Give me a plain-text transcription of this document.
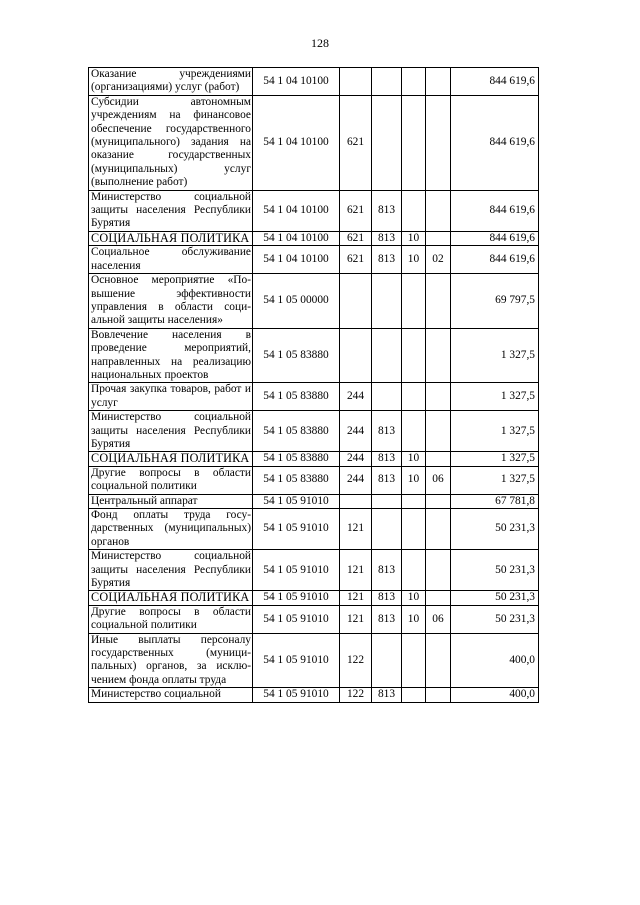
128
Оказание учреждениями (организациями) услуг (работ)	54 1 04 10100					844 619,6
Субсидии автономным учреждениям на финансовое обеспечение государственного (муниципального) задания на оказание государственных (муниципальных) услуг (выполнение работ)	54 1 04 10100	621				844 619,6
Министерство социальной защиты населения Республики Бурятия	54 1 04 10100	621	813			844 619,6
СОЦИАЛЬНАЯ ПОЛИТИКА	54 1 04 10100	621	813	10		844 619,6
Социальное обслуживание населения	54 1 04 10100	621	813	10	02	844 619,6
Основное мероприятие «Повышение эффективности управления в области социальной защиты населения»	54 1 05 00000					69 797,5
Вовлечение населения в проведение мероприятий, направленных на реализацию национальных проектов	54 1 05 83880					1 327,5
Прочая закупка товаров, работ и услуг	54 1 05 83880	244				1 327,5
Министерство социальной защиты населения Республики Бурятия	54 1 05 83880	244	813			1 327,5
СОЦИАЛЬНАЯ ПОЛИТИКА	54 1 05 83880	244	813	10		1 327,5
Другие вопросы в области социальной политики	54 1 05 83880	244	813	10	06	1 327,5
Центральный аппарат	54 1 05 91010					67 781,8
Фонд оплаты труда государственных (муниципальных) органов	54 1 05 91010	121				50 231,3
Министерство социальной защиты населения Республики Бурятия	54 1 05 91010	121	813			50 231,3
СОЦИАЛЬНАЯ ПОЛИТИКА	54 1 05 91010	121	813	10		50 231,3
Другие вопросы в области социальной политики	54 1 05 91010	121	813	10	06	50 231,3
Иные выплаты персоналу государственных (муниципальных) органов, за исключением фонда оплаты труда	54 1 05 91010	122				400,0
Министерство социальной	54 1 05 91010	122	813			400,0
